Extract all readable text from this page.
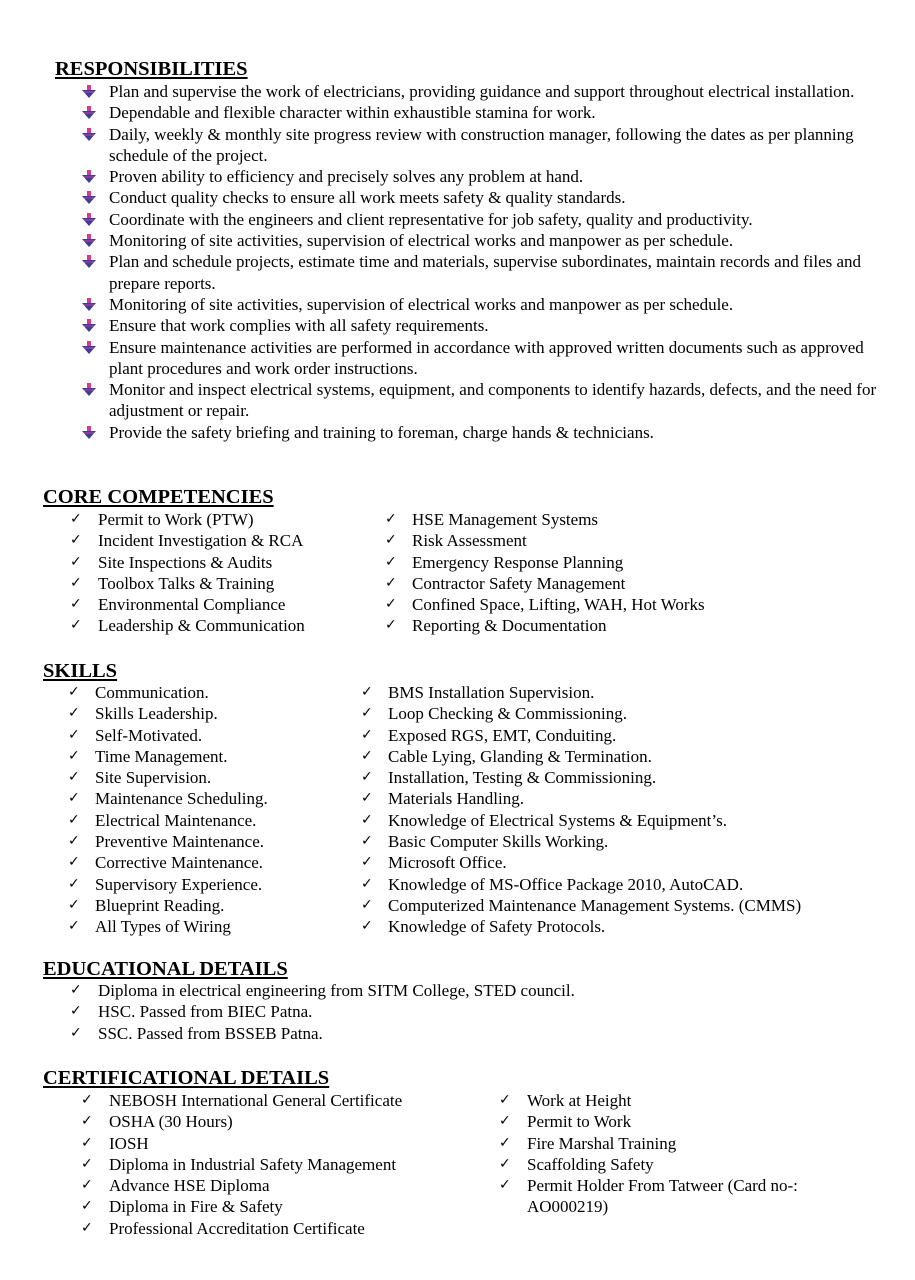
RESPONSIBILITIES
Plan and supervise the work of electricians, providing guidance and support throughout electrical installation.
Dependable and flexible character within exhaustible stamina for work.
Daily, weekly & monthly site progress review with construction manager, following the dates as per planning schedule of the project.
Proven ability to efficiency and precisely solves any problem at hand.
Conduct quality checks to ensure all work meets safety & quality standards.
Coordinate with the engineers and client representative for job safety, quality and productivity.
Monitoring of site activities, supervision of electrical works and manpower as per schedule.
Plan and schedule projects, estimate time and materials, supervise subordinates, maintain records and files and prepare reports.
Monitoring of site activities, supervision of electrical works and manpower as per schedule.
Ensure that work complies with all safety requirements.
Ensure maintenance activities are performed in accordance with approved written documents such as approved plant procedures and work order instructions.
Monitor and inspect electrical systems, equipment, and components to identify hazards, defects, and the need for adjustment or repair.
Provide the safety briefing and training to foreman, charge hands & technicians.
CORE COMPETENCIES
✓ Permit to Work (PTW)
✓ Incident Investigation & RCA
✓ Site Inspections & Audits
✓ Toolbox Talks & Training
✓ Environmental Compliance
✓ Leadership & Communication
✓ HSE Management Systems
✓ Risk Assessment
✓ Emergency Response Planning
✓ Contractor Safety Management
✓ Confined Space, Lifting, WAH, Hot Works
✓ Reporting & Documentation
SKILLS
✓ Communication.
✓ Skills Leadership.
✓ Self-Motivated.
✓ Time Management.
✓ Site Supervision.
✓ Maintenance Scheduling.
✓ Electrical Maintenance.
✓ Preventive Maintenance.
✓ Corrective Maintenance.
✓ Supervisory Experience.
✓ Blueprint Reading.
✓ All Types of Wiring
✓ BMS Installation Supervision.
✓ Loop Checking & Commissioning.
✓ Exposed RGS, EMT, Conduiting.
✓ Cable Lying, Glanding & Termination.
✓ Installation, Testing & Commissioning.
✓ Materials Handling.
✓ Knowledge of Electrical Systems & Equipment’s.
✓ Basic Computer Skills Working.
✓ Microsoft Office.
✓ Knowledge of MS-Office Package 2010, AutoCAD.
✓ Computerized Maintenance Management Systems. (CMMS)
✓ Knowledge of Safety Protocols.
EDUCATIONAL DETAILS
✓ Diploma in electrical engineering from SITM College, STED council.
✓ HSC. Passed from BIEC Patna.
✓ SSC. Passed from BSSEB Patna.
CERTIFICATIONAL DETAILS
✓ NEBOSH International General Certificate
✓ OSHA (30 Hours)
✓ IOSH
✓ Diploma in Industrial Safety Management
✓ Advance HSE Diploma
✓ Diploma in Fire & Safety
✓ Professional Accreditation Certificate
✓ Work at Height
✓ Permit to Work
✓ Fire Marshal Training
✓ Scaffolding Safety
✓ Permit Holder From Tatweer (Card no-:
AO000219)
